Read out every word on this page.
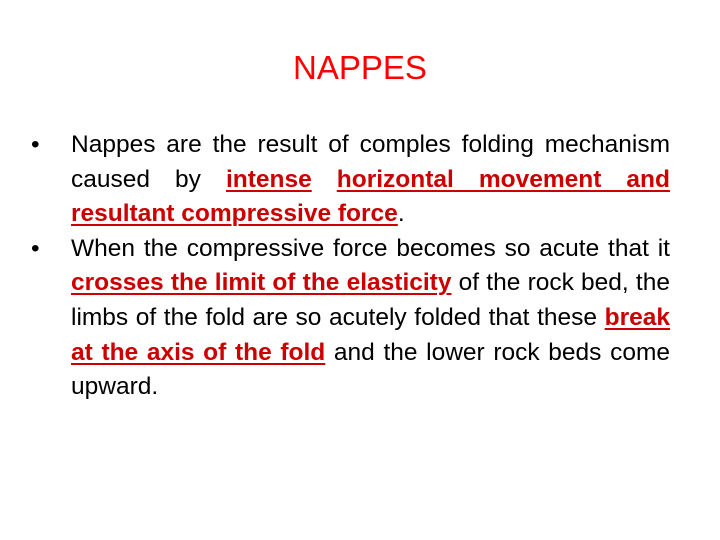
NAPPES
•	Nappes are the result of comples folding mechanism caused by intense horizontal movement and resultant compressive force.
•	When the compressive force becomes so acute that it crosses the limit of the elasticity of the rock bed, the limbs of the fold are so acutely folded that these break at the axis of the fold and the lower rock beds come upward.
